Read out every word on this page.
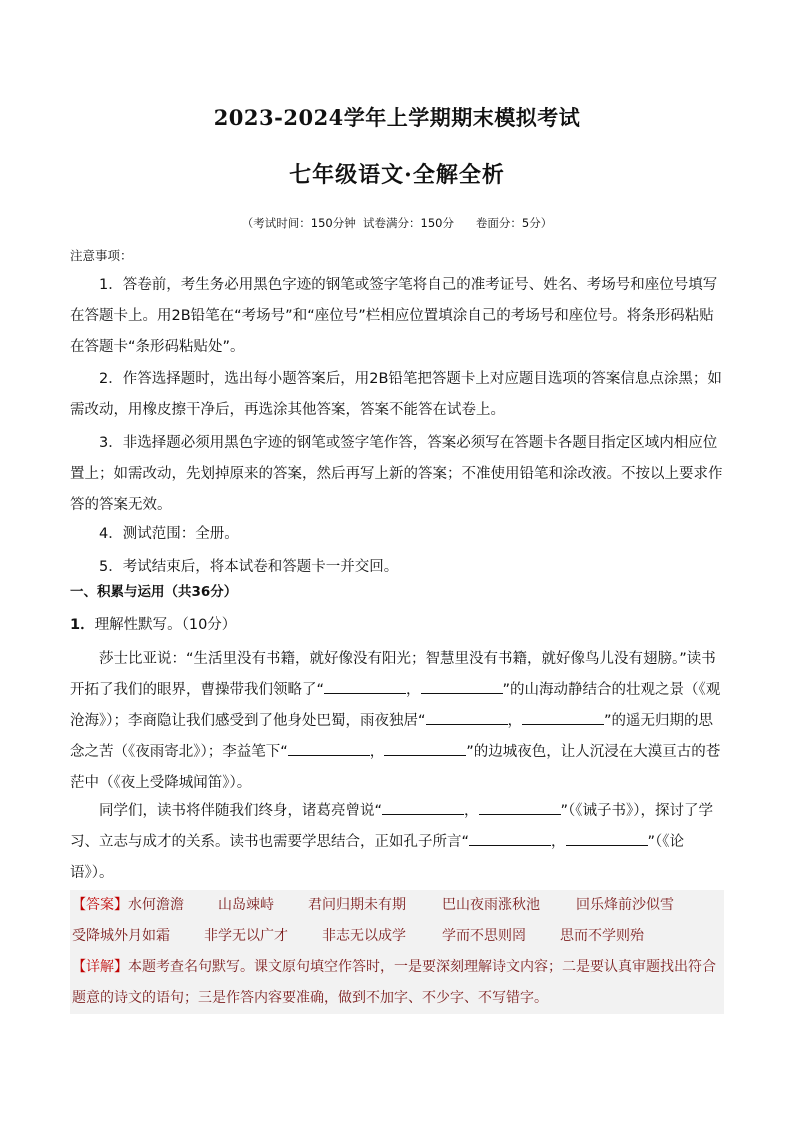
2023-2024学年上学期期末模拟考试
七年级语文·全解全析
（考试时间：150分钟  试卷满分：150分      卷面分：5分）
注意事项：
1．答卷前，考生务必用黑色字迹的钢笔或签字笔将自己的准考证号、姓名、考场号和座位号填写在答题卡上。用2B铅笔在“考场号”和“座位号”栏相应位置填涂自己的考场号和座位号。将条形码粘贴在答题卡“条形码粘贴处”。
2．作答选择题时，选出每小题答案后，用2B铅笔把答题卡上对应题目选项的答案信息点涂黑；如需改动，用橡皮擦干净后，再选涂其他答案，答案不能答在试卷上。
3．非选择题必须用黑色字迹的钢笔或签字笔作答，答案必须写在答题卡各题目指定区域内相应位置上；如需改动，先划掉原来的答案，然后再写上新的答案；不准使用铅笔和涂改液。不按以上要求作答的答案无效。
4．测试范围：全册。
5．考试结束后，将本试卷和答题卡一并交回。
一、积累与运用（共36分）
1．理解性默写。（10分）
莎士比亚说：“生活里没有书籍，就好像没有阳光；智慧里没有书籍，就好像鸟儿没有翅膀。”读书开拓了我们的眼界，曹操带我们领略了“	，	”的山海动静结合的壮观之景（《观沧海》）；李商隐让我们感受到了他身处巴蜀，雨夜独居“	，	”的遥无归期的思念之苦（《夜雨寄北》）；李益笔下“	，	”的边城夜色，让人沉浸在大漠亘古的苍茫中（《夜上受降城闻笛》）。
同学们，读书将伴随我们终身，诸葛亮曾说“	，	”（《诫子书》），探讨了学习、立志与成才的关系。读书也需要学思结合，正如孔子所言“	，	”（《论语》）。
【答案】 水何澹澹 山岛竦峙 君问归期未有期	巴山夜雨涨秋池	回乐烽前沙似雪
受降城外月如霜 非学无以广才 非志无以成学	学而不思则罔 思而不学则殆
【详解】本题考查名句默写。课文原句填空作答时，一是要深刻理解诗文内容；二是要认真审题找出符合
题意的诗文的语句；三是作答内容要准确，做到不加字、不少字、不写错字。
